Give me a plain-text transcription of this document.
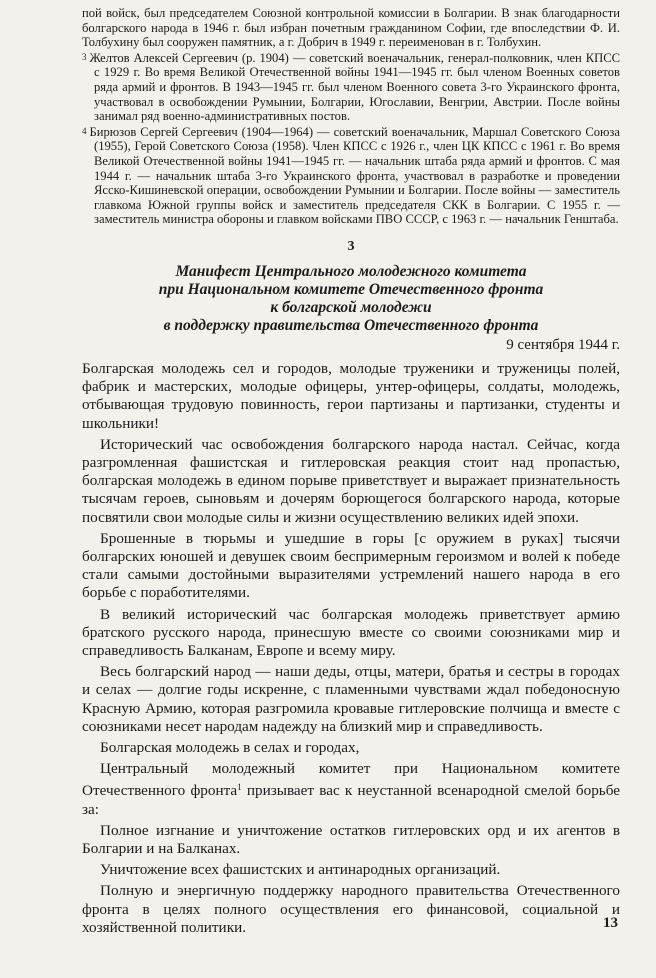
пой войск, был председателем Союзной контрольной комиссии в Болгарии. В знак благодарности болгарского народа в 1946 г. был избран почетным гражданином Софии, где впоследствии Ф. И. Толбухину был сооружен памятник, а г. Добрич в 1949 г. переименован в г. Толбухин.

$^3$ Желтов Алексей Сергеевич (р. 1904) — советский военачальник, генерал-полковник, член КПСС с 1929 г. Во время Великой Отечественной войны 1941—1945 гг. был членом Военных советов ряда армий и фронтов. В 1943—1945 гг. был членом Военного совета 3-го Украинского фронта, участвовал в освобождении Румынии, Болгарии, Югославии, Венгрии, Австрии. После войны занимал ряд военно-административных постов.

$^4$ Бирюзов Сергей Сергеевич (1904—1964) — советский военачальник, Маршал Советского Союза (1955), Герой Советского Союза (1958). Член КПСС с 1926 г., член ЦК КПСС с 1961 г. Во время Великой Отечественной войны 1941—1945 гг. — начальник штаба ряда армий и фронтов. С мая 1944 г. — начальник штаба 3-го Украинского фронта, участвовал в разработке и проведении Ясско-Кишиневской операции, освобождении Румынии и Болгарии. После войны — заместитель главкома Южной группы войск и заместитель председателя СКК в Болгарии. С 1955 г. — заместитель министра обороны и главком войсками ПВО СССР, с 1963 г. — начальник Генштаба.

3
Манифест Центрального молодежного комитета
при Национальном комитете Отечественного фронта
к болгарской молодежи
в поддержку правительства Отечественного фронта
9 сентября 1944 г.

Болгарская молодежь сел и городов, молодые труженики и труженицы полей, фабрик и мастерских, молодые офицеры, унтер-офицеры, солдаты, молодежь, отбывающая трудовую повинность, герои партизаны и партизанки, студенты и школьники!

Исторический час освобождения болгарского народа настал. Сейчас, когда разгромленная фашистская и гитлеровская реакция стоит над пропастью, болгарская молодежь в едином порыве приветствует и выражает признательность тысячам героев, сыновьям и дочерям борющегося болгарского народа, которые посвятили свои молодые силы и жизни осуществлению великих идей эпохи.

Брошенные в тюрьмы и ушедшие в горы [с оружием в руках] тысячи болгарских юношей и девушек своим беспримерным героизмом и волей к победе стали самыми достойными выразителями устремлений нашего народа в его борьбе с поработителями.

В великий исторический час болгарская молодежь приветствует армию братского русского народа, принесшую вместе со своими союзниками мир и справедливость Балканам, Европе и всему миру.

Весь болгарский народ — наши деды, отцы, матери, братья и сестры в городах и селах — долгие годы искренне, с пламенными чувствами ждал победоносную Красную Армию, которая разгромила кровавые гитлеровские полчища и вместе с союзниками несет народам надежду на близкий мир и справедливость.

Болгарская молодежь в селах и городах,

Центральный молодежный комитет при Национальном комитете Отечественного фронта$^1$ призывает вас к неустанной всенародной смелой борьбе за:

Полное изгнание и уничтожение остатков гитлеровских орд и их агентов в Болгарии и на Балканах.

Уничтожение всех фашистских и антинародных организаций.

Полную и энергичную поддержку народного правительства Отечественного фронта в целях полного осуществления его финансовой, социальной и хозяйственной политики.	13
